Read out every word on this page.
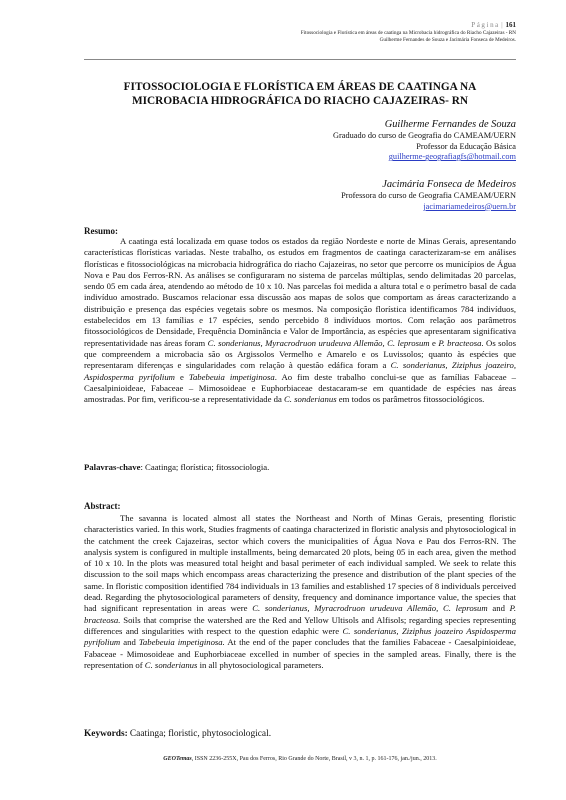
Página | 161
Fitossociologia e Florística em áreas de caatinga na Microbacia hidrográfica do Riacho Cajazeiras - RN
Guilherme Fernandes de Souza e Jacimária Fonseca de Medeiros.
FITOSSOCIOLOGIA E FLORÍSTICA EM ÁREAS DE CAATINGA NA
MICROBACIA HIDROGRÁFICA DO RIACHO CAJAZEIRAS- RN
Guilherme Fernandes de Souza
Graduado do curso de Geografia do CAMEAM/UERN
Professor da Educação Básica
guilherme-geografiagfs@hotmail.com
Jacimária Fonseca de Medeiros
Professora do curso de Geografia CAMEAM/UERN
jacimariamedeiros@uern.br
Resumo:

A caatinga está localizada em quase todos os estados da região Nordeste e norte de Minas Gerais, apresentando características florísticas variadas. Neste trabalho, os estudos em fragmentos de caatinga caracterizaram-se em análises florísticas e fitossociológicas na microbacia hidrográfica do riacho Cajazeiras, no setor que percorre os municípios de Água Nova e Pau dos Ferros-RN. As análises se configuraram no sistema de parcelas múltiplas, sendo delimitadas 20 parcelas, sendo 05 em cada área, atendendo ao método de 10 x 10. Nas parcelas foi medida a altura total e o perímetro basal de cada indivíduo amostrado. Buscamos relacionar essa discussão aos mapas de solos que comportam as áreas caracterizando a distribuição e presença das espécies vegetais sobre os mesmos. Na composição florística identificamos 784 indivíduos, estabelecidos em 13 famílias e 17 espécies, sendo percebido 8 indivíduos mortos. Com relação aos parâmetros fitossociológicos de Densidade, Frequência Dominância e Valor de Importância, as espécies que apresentaram significativa representatividade nas áreas foram C. sonderianus, Myracrodruon urudeuva Allemão, C. leprosum e P. bracteosa. Os solos que compreendem a microbacia são os Argissolos Vermelho e Amarelo e os Luvissolos; quanto às espécies que representaram diferenças e singularidades com relação à questão edáfica foram a C. sonderianus, Ziziphus joazeiro, Aspidosperma pyrifolium e Tabebeuia impetiginosa. Ao fim deste trabalho conclui-se que as famílias Fabaceae – Caesalpinioideae, Fabaceae – Mimosoideae e Euphorbiaceae destacaram-se em quantidade de espécies nas áreas amostradas. Por fim, verificou-se a representatividade da C. sonderianus em todos os parâmetros fitossociológicos.

Palavras-chave: Caatinga; florística; fitossociologia.
Abstract:

The savanna is located almost all states the Northeast and North of Minas Gerais, presenting floristic characteristics varied. In this work, Studies fragments of caatinga characterized in floristic analysis and phytosociological in the catchment the creek Cajazeiras, sector which covers the municipalities of Água Nova e Pau dos Ferros-RN. The analysis system is configured in multiple installments, being demarcated 20 plots, being 05 in each area, given the method of 10 x 10. In the plots was measured total height and basal perimeter of each individual sampled. We seek to relate this discussion to the soil maps which encompass areas characterizing the presence and distribution of the plant species of the same. In floristic composition identified 784 individuals in 13 families and established 17 species of 8 individuals perceived dead. Regarding the phytosociological parameters of density, frequency and dominance importance value, the species that had significant representation in areas were C. sonderianus, Myracrodruon urudeuva Allemão, C. leprosum and P. bracteosa. Soils that comprise the watershed are the Red and Yellow Ultisols and Alfisols; regarding species representing differences and singularities with respect to the question edaphic were C. sonderianus, Ziziphus joazeiro Aspidosperma pyrifolium and Tabebeuia impetiginosa. At the end of the paper concludes that the families Fabaceae - Caesalpinioideae, Fabaceae - Mimosoideae and Euphorbiaceae excelled in number of species in the sampled areas. Finally, there is the representation of C. sonderianus in all phytosociological parameters.

Keywords: Caatinga; floristic, phytosociological.
GEOTemas, ISSN 2236-255X, Pau dos Ferros, Rio Grande do Norte, Brasil, v 3, n. 1, p. 161-176, jan./jun., 2013.
